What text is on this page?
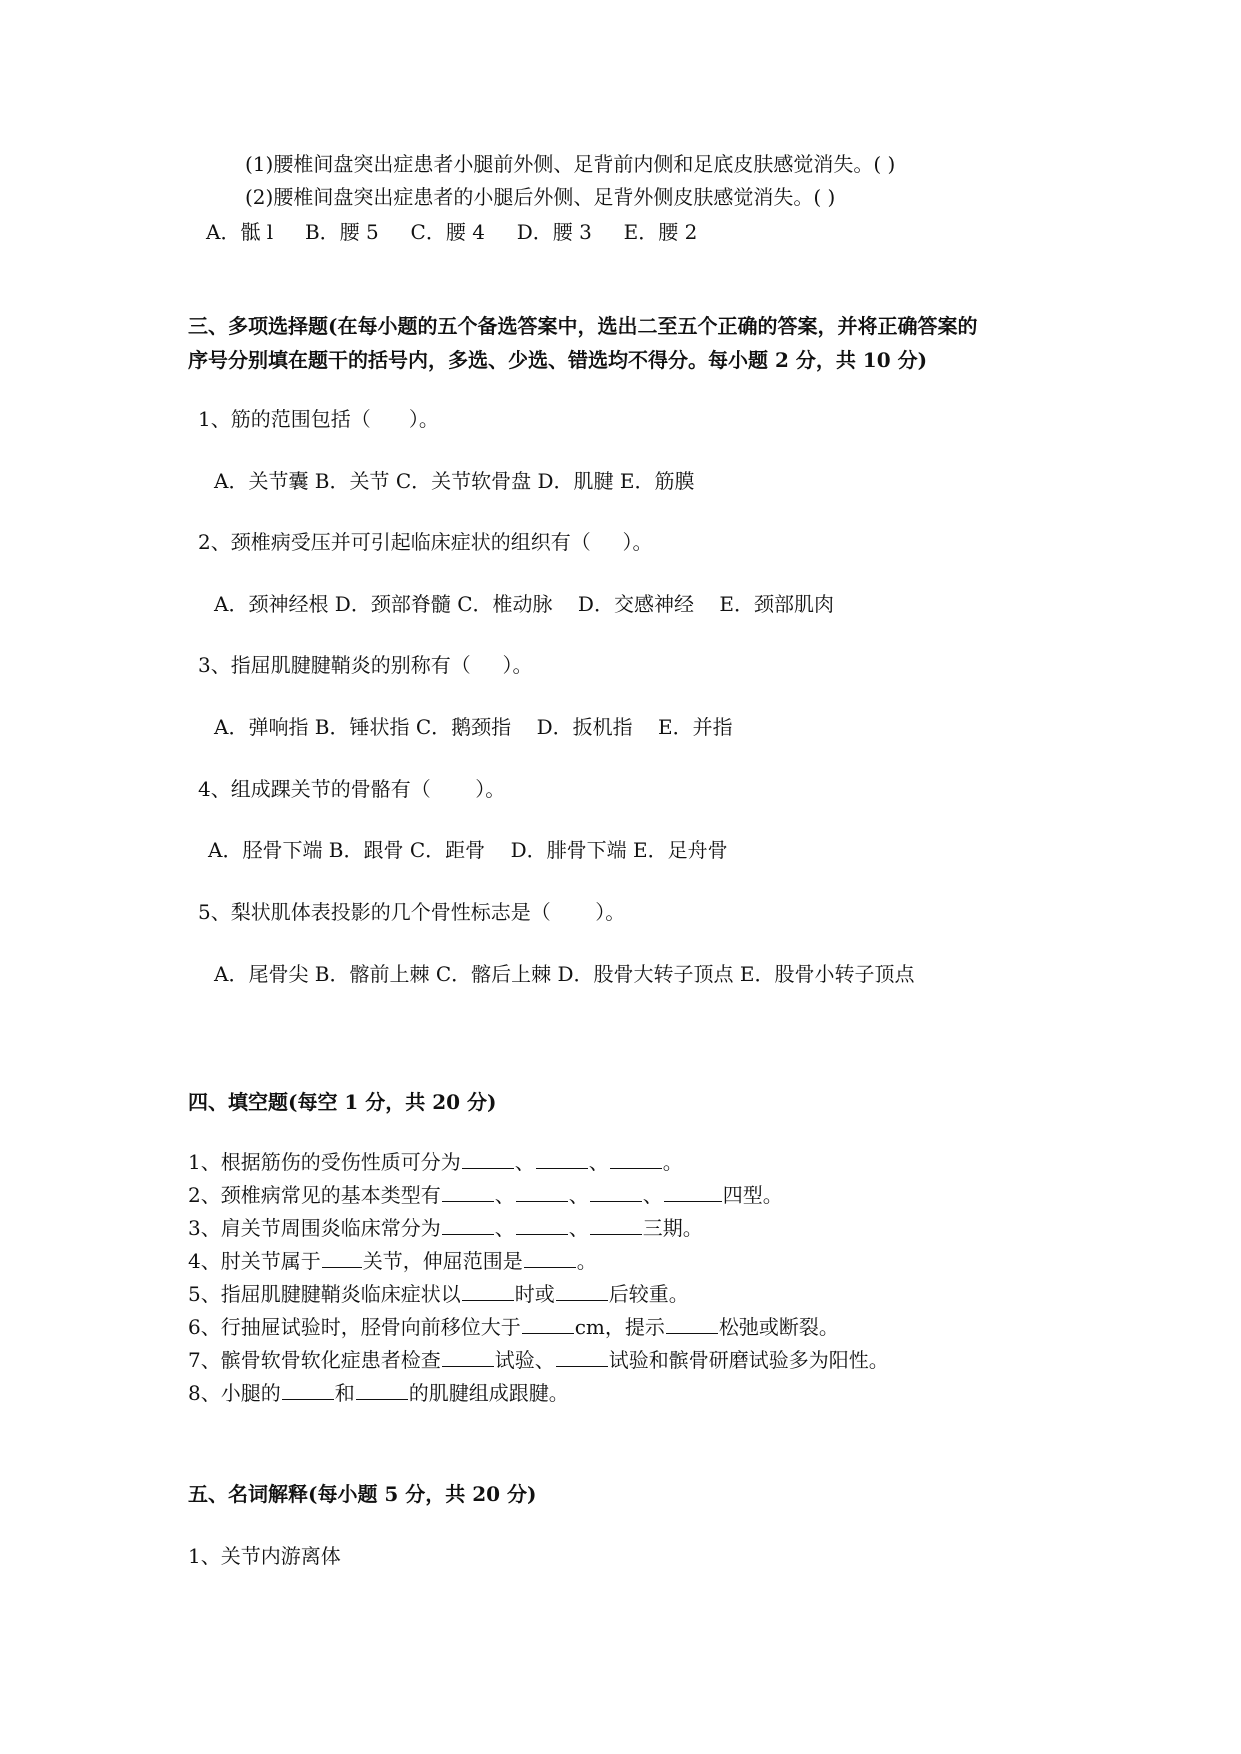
(1)腰椎间盘突出症患者小腿前外侧、足背前内侧和足底皮肤感觉消失。( )

(2)腰椎间盘突出症患者的小腿后外侧、足背外侧皮肤感觉消失。( )

A．骶 l     B．腰 5     C．腰 4     D．腰 3     E．腰 2

三、多项选择题(在每小题的五个备选答案中，选出二至五个正确的答案，并将正确答案的

序号分别填在题干的括号内，多选、少选、错选均不得分。每小题 2 分，共 10 分)

1、筋的范围包括（      ）。

A．关节囊 B．关节 C．关节软骨盘 D．肌腱 E．筋膜

2、颈椎病受压并可引起临床症状的组织有（     ）。

A．颈神经根 D．颈部脊髓 C．椎动脉    D．交感神经    E．颈部肌肉

3、指屈肌腱腱鞘炎的别称有（     ）。

A．弹响指 B．锤状指 C．鹅颈指    D．扳机指    E．并指

4、组成踝关节的骨骼有（       ）。

A．胫骨下端 B．跟骨 C．距骨    D．腓骨下端 E．足舟骨

5、梨状肌体表投影的几个骨性标志是（       ）。

A．尾骨尖 B．髂前上棘 C．髂后上棘 D．股骨大转子顶点 E．股骨小转子顶点

四、填空题(每空 1 分，共 20 分)

1、根据筋伤的受伤性质可分为	、	、	。

2、颈椎病常见的基本类型有	、	、	、	四型。

3、肩关节周围炎临床常分为	、	、	三期。

4、肘关节属于 关节，伸屈范围是	。

5、指屈肌腱腱鞘炎临床症状以	时或	后较重。

6、行抽屉试验时，胫骨向前移位大于	cm，提示	松弛或断裂。

7、髌骨软骨软化症患者检查	试验、	试验和髌骨研磨试验多为阳性。

8、小腿的	和	的肌腱组成跟腱。

五、名词解释(每小题 5 分，共 20 分)

1、关节内游离体
